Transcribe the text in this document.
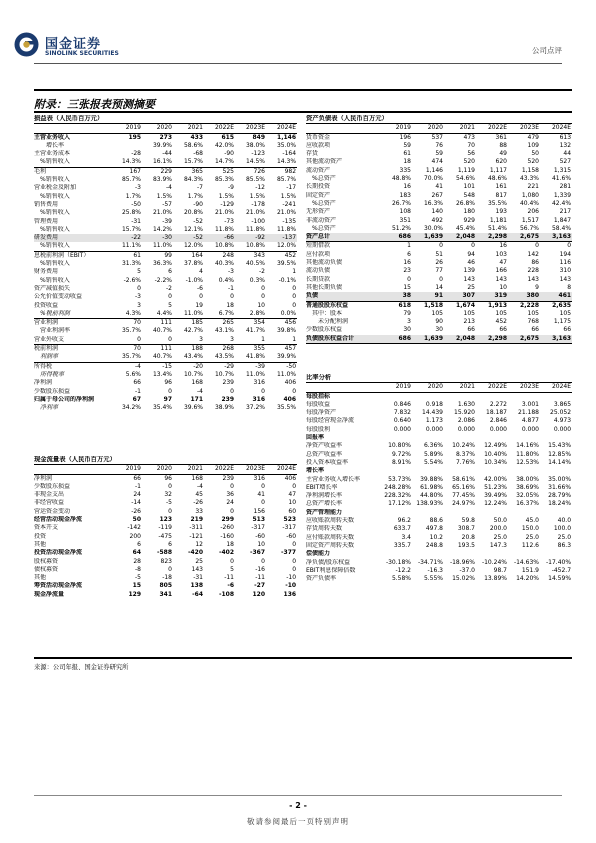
国金证券
SINOLINK SECURITIES	公司点评
附录：三张报表预测摘要
损益表（人民币百万元）						
	2019	2020	2021	2022E	2023E	2024E
主营业务收入	195	273	433	615	849	1,146
增长率		39.9%	58.6%	42.0%	38.0%	35.0%
主营业务成本	-28	-44	-68	-90	-123	-164
%销售收入	14.3%	16.1%	15.7%	14.7%	14.5%	14.3%
毛利	167	229	365	525	726	982
%销售收入	85.7%	83.9%	84.3%	85.3%	85.5%	85.7%
营业税金及附加	-3	-4	-7	-9	-12	-17
%销售收入	1.7%	1.5%	1.7%	1.5%	1.5%	1.5%
销售费用	-50	-57	-90	-129	-178	-241
%销售收入	25.8%	21.0%	20.8%	21.0%	21.0%	21.0%
管理费用	-31	-39	-52	-73	-100	-135
%销售收入	15.7%	14.2%	12.1%	11.8%	11.8%	11.8%
研发费用	-22	-30	-52	-66	-92	-137
%销售收入	11.1%	11.0%	12.0%	10.8%	10.8%	12.0%
息税前利润（EBIT）	61	99	164	248	343	452
%销售收入	31.3%	36.3%	37.8%	40.3%	40.5%	39.5%
财务费用	5	6	4	-3	-2	1
%销售收入	-2.6%	-2.2%	-1.0%	0.4%	0.3%	-0.1%
资产减值损失	0	-2	-6	-1	0	0
公允价值变动收益	-3	0	0	0	0	0
投资收益	3	5	19	18	10	0
%税前利润	4.3%	4.4%	11.0%	6.7%	2.8%	0.0%
营业利润	70	111	185	265	354	456
营业利润率	35.7%	40.7%	42.7%	43.1%	41.7%	39.8%
营业外收支	0	0	3	3	1	1
税前利润	70	111	188	268	355	457
利润率	35.7%	40.7%	43.4%	43.5%	41.8%	39.9%
所得税	-4	-15	-20	-29	-39	-50
所得税率	5.6%	13.4%	10.7%	10.7%	11.0%	11.0%
净利润	66	96	168	239	316	406
少数股东损益	-1	0	-4	0	0	0
归属于母公司的净利润	67	97	171	239	316	406
净利率	34.2%	35.4%	39.6%	38.9%	37.2%	35.5%
现金流量表（人民币百万元）						
	2019	2020	2021	2022E	2023E	2024E
净利润	66	96	168	239	316	406
少数股东损益	-1	0	-4	0	0	0
非现金支出	24	32	45	36	41	47
非经营收益	-14	-5	-26	24	0	10
营运资金变动	-26	0	33	0	156	60
经营活动现金净流	50	123	219	299	513	523
资本开支	-142	-119	-311	-260	-317	-317
投资	200	-475	-121	-160	-60	-60
其他	6	6	12	18	10	0
投资活动现金净流	64	-588	-420	-402	-367	-377
股权募资	28	823	25	0	0	0
债权募资	-8	0	143	5	-16	0
其他	-5	-18	-31	-11	-11	-10
筹资活动现金净流	15	805	138	-6	-27	-10
现金净流量	129	341	-64	-108	120	136
资产负债表（人民币百万元）						
	2019	2020	2021	2022E	2023E	2024E
货币资金	196	537	473	361	479	613
应收款项	59	76	70	88	109	132
存货	61	59	56	49	50	44
其他流动资产	18	474	520	620	520	527
流动资产	335	1,146	1,119	1,117	1,158	1,315
%总资产	48.8%	70.0%	54.6%	48.6%	43.3%	41.6%
长期投资	16	41	101	161	221	281
固定资产	183	267	548	817	1,080	1,339
%总资产	26.7%	16.3%	26.8%	35.5%	40.4%	42.4%
无形资产	108	140	180	193	206	217
非流动资产	351	492	929	1,181	1,517	1,847
%总资产	51.2%	30.0%	45.4%	51.4%	56.7%	58.4%
资产总计	686	1,639	2,048	2,298	2,675	3,163
短期借款	1	0	0	16	0	0
应付款项	6	51	94	103	142	194
其他流动负债	16	26	46	47	86	116
流动负债	23	77	139	166	228	310
长期贷款	0	0	143	143	143	143
其他长期负债	15	14	25	10	9	8
负债	38	91	307	319	380	461
普通股股东权益	618	1,518	1,674	1,913	2,228	2,635
其中：股本	79	105	105	105	105	105
未分配利润	3	90	213	452	768	1,175
少数股东权益	30	30	66	66	66	66
负债股东权益合计	686	1,639	2,048	2,298	2,675	3,163
比率分析						
	2019	2020	2021	2022E	2023E	2024E
每股指标						
每股收益	0.846	0.918	1.630	2.272	3.001	3.865
每股净资产	7.832	14.439	15.920	18.187	21.188	25.052
每股经营现金净流	0.640	1.173	2.086	2.846	4.877	4.973
每股股利	0.000	0.000	0.000	0.000	0.000	0.000
回报率						
净资产收益率	10.80%	6.36%	10.24%	12.49%	14.16%	15.43%
总资产收益率	9.72%	5.89%	8.37%	10.40%	11.80%	12.85%
投入资本收益率	8.91%	5.54%	7.76%	10.34%	12.53%	14.14%
增长率						
主营业务收入增长率	53.73%	39.88%	58.61%	42.00%	38.00%	35.00%
EBIT增长率	248.28%	61.98%	65.16%	51.23%	38.69%	31.66%
净利润增长率	228.32%	44.80%	77.45%	39.49%	32.05%	28.79%
总资产增长率	17.12%	138.93%	24.97%	12.24%	16.37%	18.24%
资产管理能力						
应收账款周转天数	96.2	88.6	59.8	50.0	45.0	40.0
存货周转天数	633.7	497.8	308.7	200.0	150.0	100.0
应付账款周转天数	3.4	10.2	20.8	25.0	25.0	25.0
固定资产周转天数	335.7	248.8	193.5	147.3	112.6	86.3
偿债能力						
净负债/股东权益	-30.18%	-34.71%	-18.96%	-10.24%	-14.63%	-17.40%
EBIT利息保障倍数	-12.2	-16.3	-37.0	98.7	151.9	-452.7
资产负债率	5.58%	5.55%	15.02%	13.89%	14.20%	14.59%
来源：公司年报、国金证券研究所
- 2 -
敬请参阅最后一页特别声明
